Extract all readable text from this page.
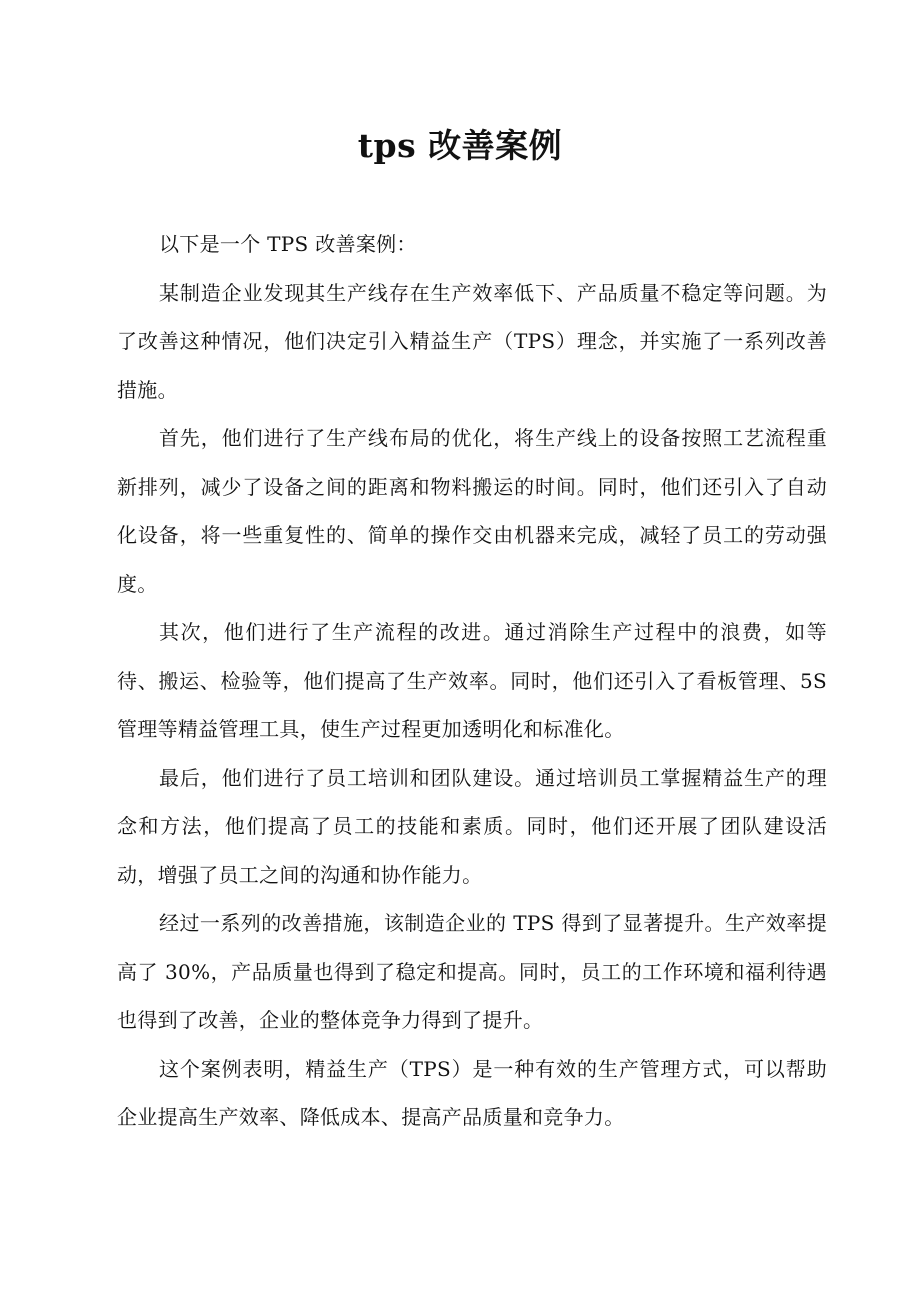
tps 改善案例

以下是一个 TPS 改善案例：

某制造企业发现其生产线存在生产效率低下、产品质量不稳定等问题。为了改善这种情况，他们决定引入精益生产（TPS）理念，并实施了一系列改善措施。

首先，他们进行了生产线布局的优化，将生产线上的设备按照工艺流程重新排列，减少了设备之间的距离和物料搬运的时间。同时，他们还引入了自动化设备，将一些重复性的、简单的操作交由机器来完成，减轻了员工的劳动强度。

其次，他们进行了生产流程的改进。通过消除生产过程中的浪费，如等待、搬运、检验等，他们提高了生产效率。同时，他们还引入了看板管理、5S 管理等精益管理工具，使生产过程更加透明化和标准化。

最后，他们进行了员工培训和团队建设。通过培训员工掌握精益生产的理念和方法，他们提高了员工的技能和素质。同时，他们还开展了团队建设活动，增强了员工之间的沟通和协作能力。

经过一系列的改善措施，该制造企业的 TPS 得到了显著提升。生产效率提高了 30%，产品质量也得到了稳定和提高。同时，员工的工作环境和福利待遇也得到了改善，企业的整体竞争力得到了提升。

这个案例表明，精益生产（TPS）是一种有效的生产管理方式，可以帮助企业提高生产效率、降低成本、提高产品质量和竞争力。
